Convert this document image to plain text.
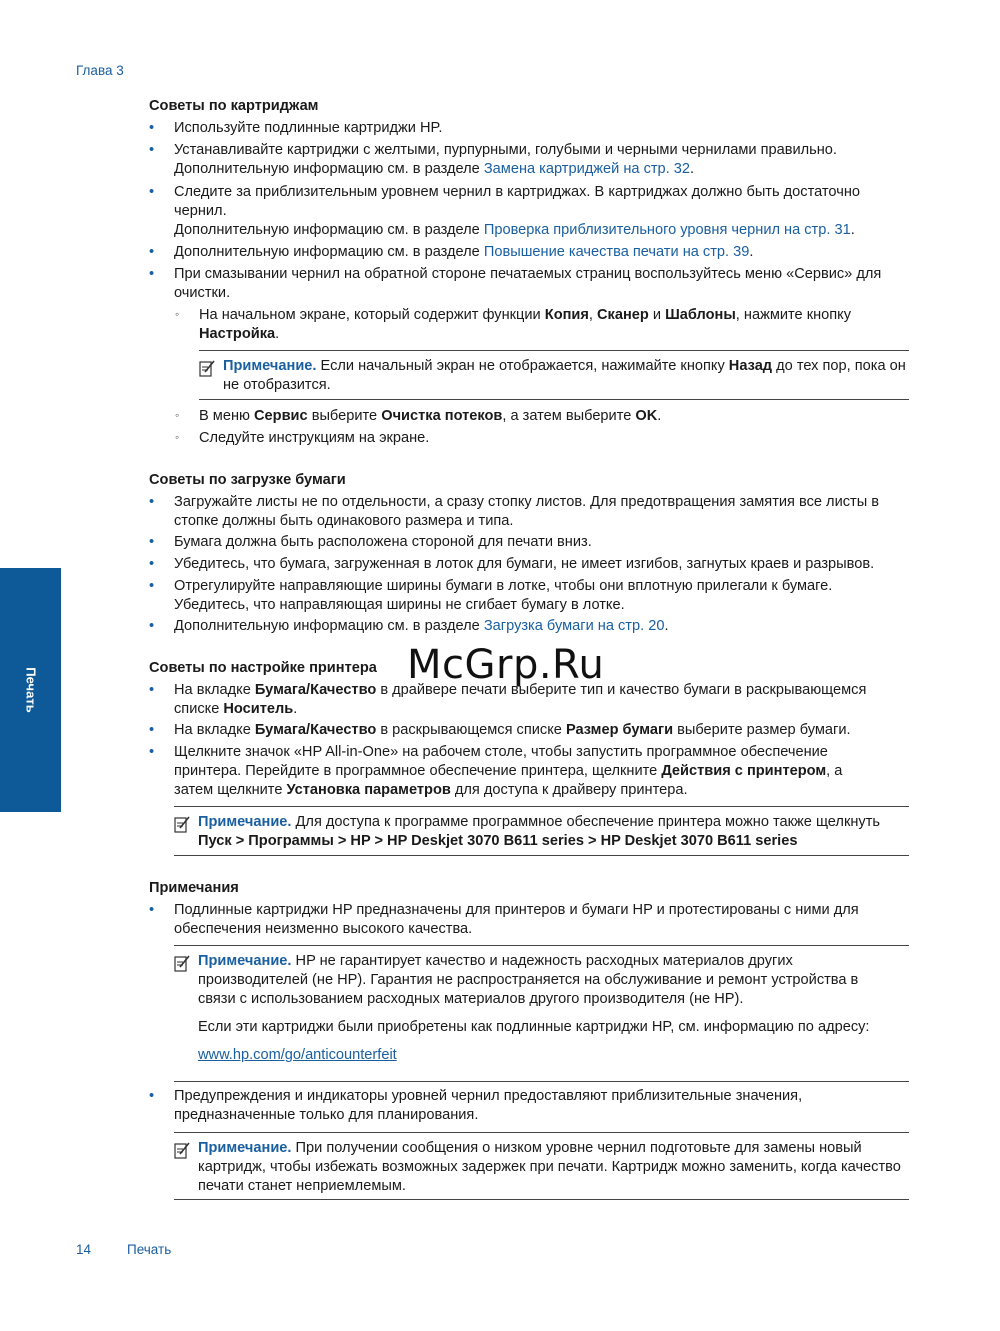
Глава 3
Печать
McGrp.Ru
Советы по картриджам
• Используйте подлинные картриджи HP.
• Устанавливайте картриджи с желтыми, пурпурными, голубыми и черными чернилами правильно.
Дополнительную информацию см. в разделе Замена картриджей на стр. 32.
• Следите за приблизительным уровнем чернил в картриджах. В картриджах должно быть достаточно чернил.
Дополнительную информацию см. в разделе Проверка приблизительного уровня чернил на стр. 31.
• Дополнительную информацию см. в разделе Повышение качества печати на стр. 39.
• При смазывании чернил на обратной стороне печатаемых страниц воспользуйтесь меню «Сервис» для очистки.
◦ На начальном экране, который содержит функции Копия, Сканер и Шаблоны, нажмите кнопку Настройка.
Примечание. Если начальный экран не отображается, нажимайте кнопку Назад до тех пор, пока он не отобразится.
◦ В меню Сервис выберите Очистка потеков, а затем выберите OK.
◦ Следуйте инструкциям на экране.
Советы по загрузке бумаги
• Загружайте листы не по отдельности, а сразу стопку листов. Для предотвращения замятия все листы в стопке должны быть одинакового размера и типа.
• Бумага должна быть расположена стороной для печати вниз.
• Убедитесь, что бумага, загруженная в лоток для бумаги, не имеет изгибов, загнутых краев и разрывов.
• Отрегулируйте направляющие ширины бумаги в лотке, чтобы они вплотную прилегали к бумаге.
Убедитесь, что направляющая ширины не сгибает бумагу в лотке.
• Дополнительную информацию см. в разделе Загрузка бумаги на стр. 20.
Советы по настройке принтера
• На вкладке Бумага/Качество в драйвере печати выберите тип и качество бумаги в раскрывающемся списке Носитель.
• На вкладке Бумага/Качество в раскрывающемся списке Размер бумаги выберите размер бумаги.
• Щелкните значок «HP All-in-One» на рабочем столе, чтобы запустить программное обеспечение принтера. Перейдите в программное обеспечение принтера, щелкните Действия с принтером, а затем щелкните Установка параметров для доступа к драйверу принтера.
Примечание. Для доступа к программе программное обеспечение принтера можно также щелкнуть Пуск > Программы > HP > HP Deskjet 3070 B611 series > HP Deskjet 3070 B611 series
Примечания
• Подлинные картриджи HP предназначены для принтеров и бумаги HP и протестированы с ними для обеспечения неизменно высокого качества.
Примечание. HP не гарантирует качество и надежность расходных материалов других производителей (не HP). Гарантия не распространяется на обслуживание и ремонт устройства в связи с использованием расходных материалов другого производителя (не HP).
Если эти картриджи были приобретены как подлинные картриджи HP, см. информацию по адресу:
www.hp.com/go/anticounterfeit
• Предупреждения и индикаторы уровней чернил предоставляют приблизительные значения, предназначенные только для планирования.
Примечание. При получении сообщения о низком уровне чернил подготовьте для замены новый картридж, чтобы избежать возможных задержек при печати. Картридж можно заменить, когда качество печати станет неприемлемым.
14	Печать
